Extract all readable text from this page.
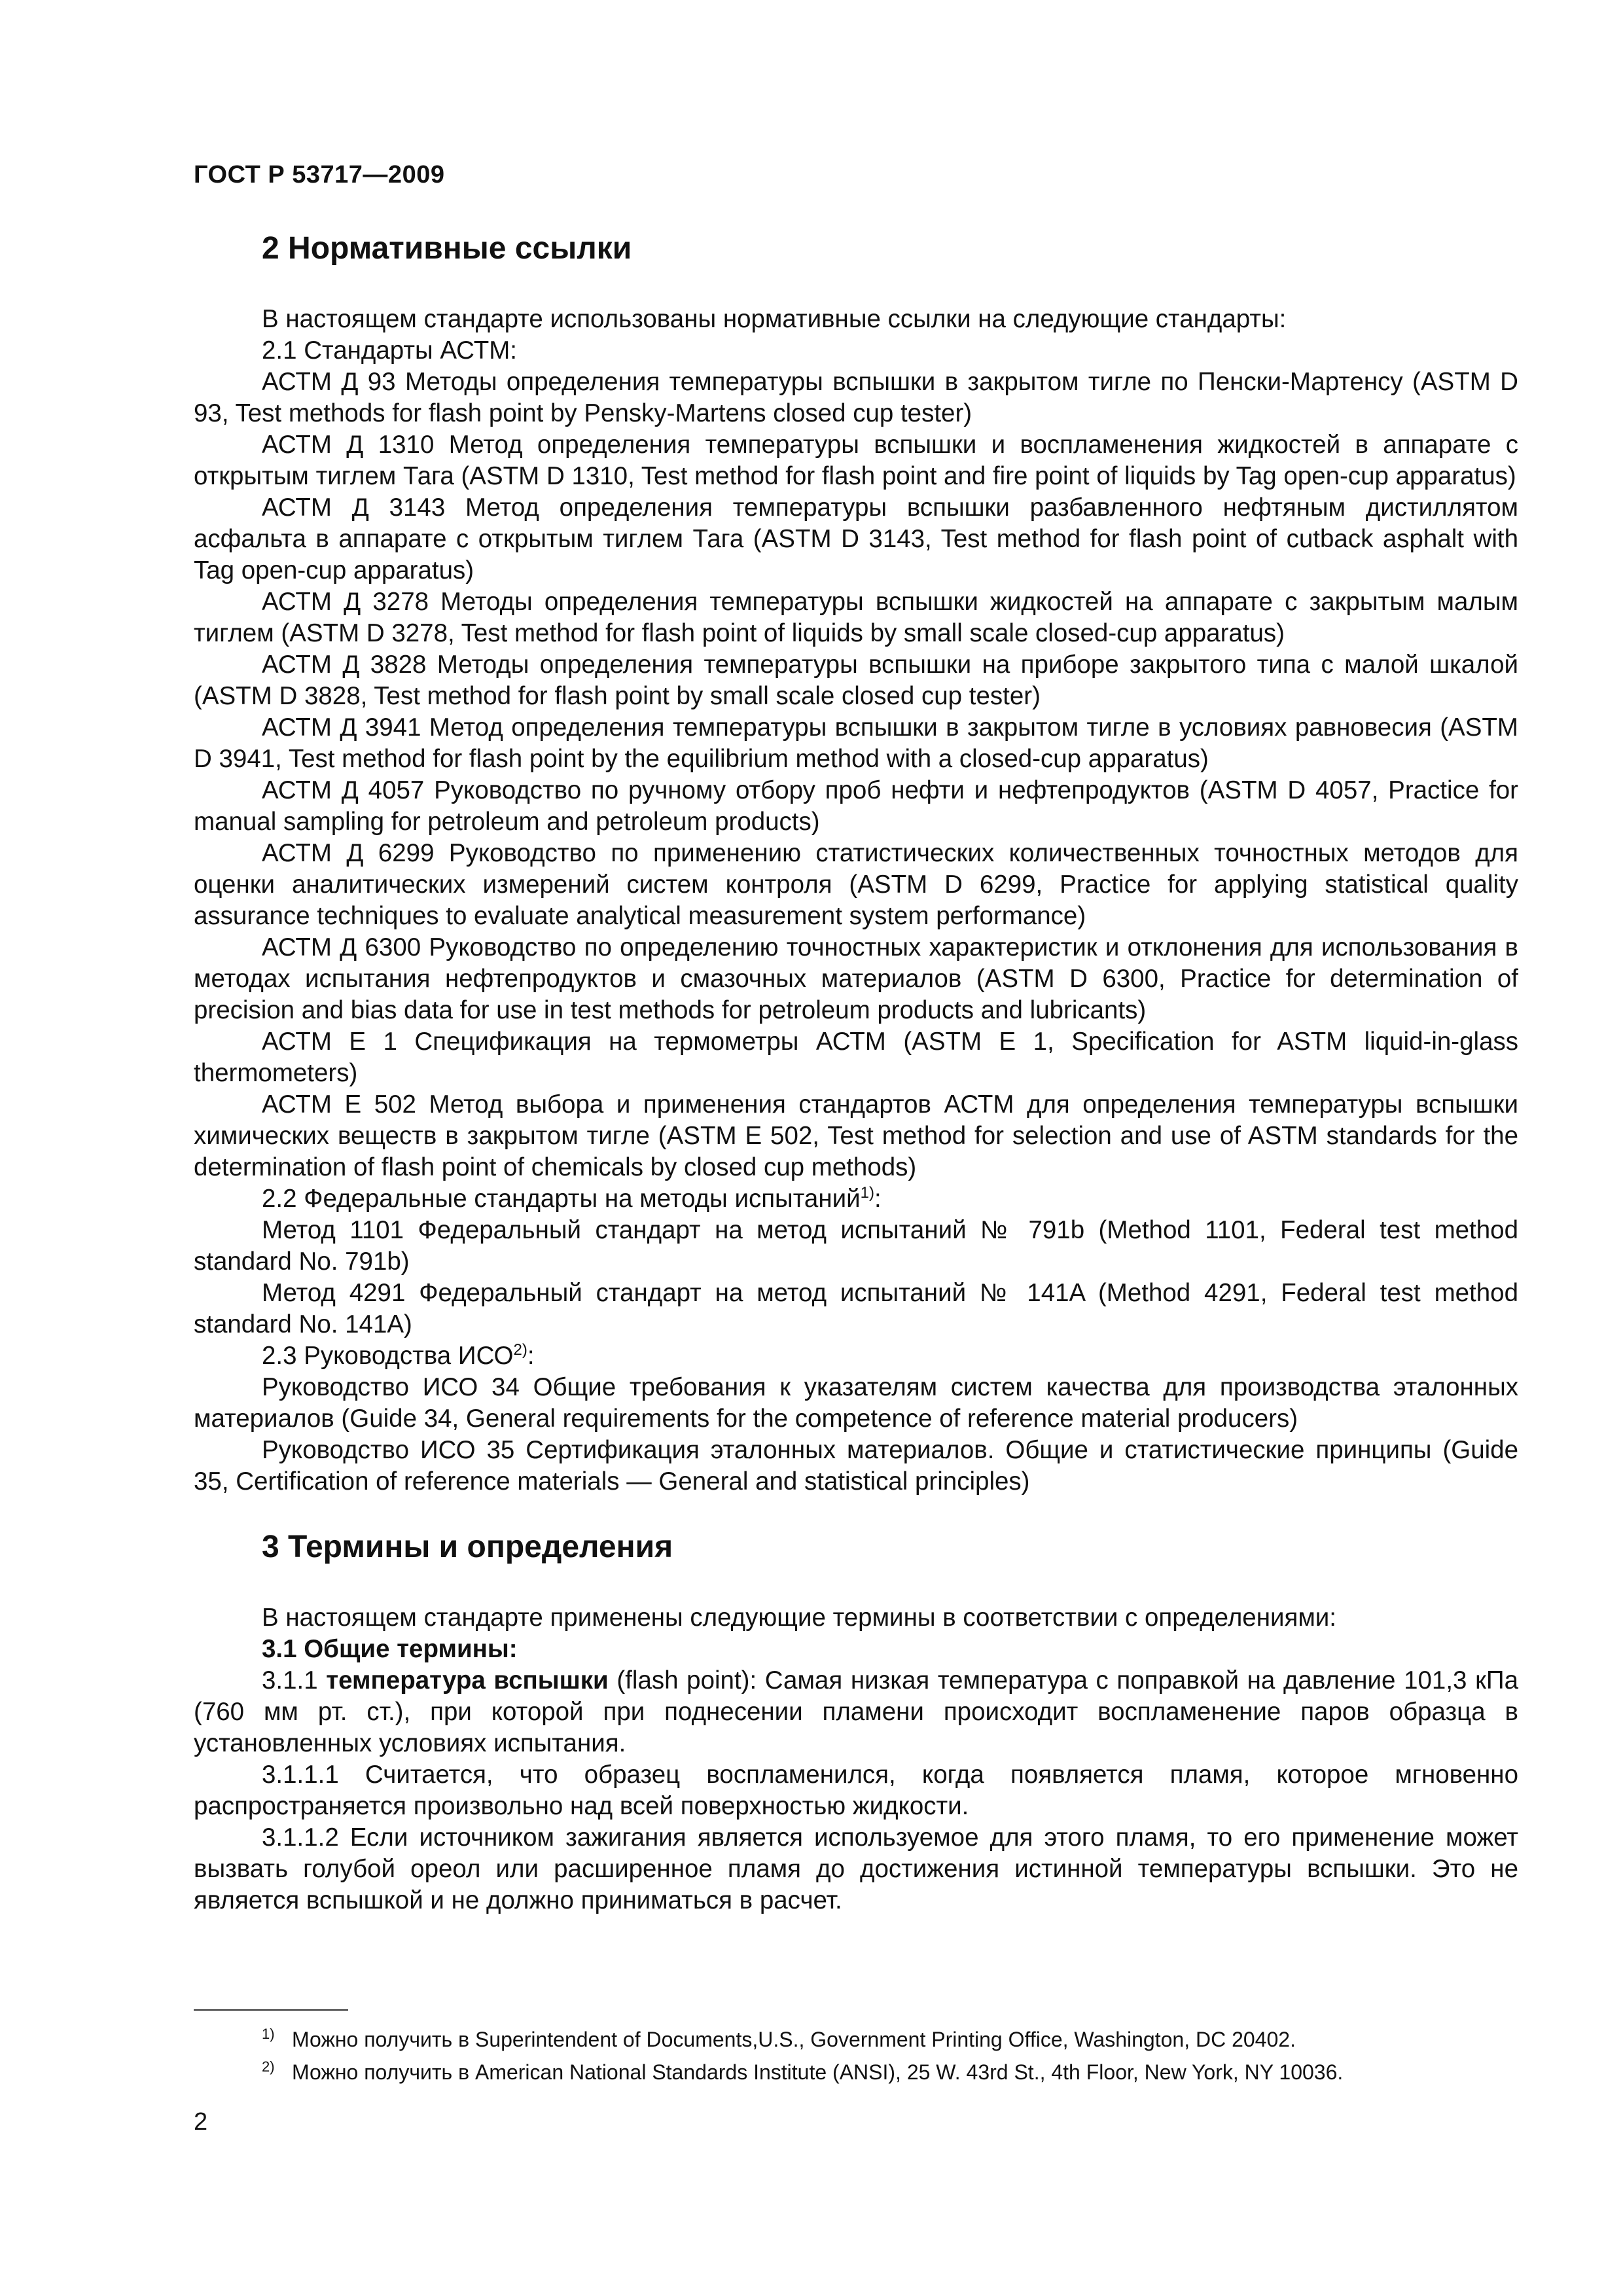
ГОСТ Р 53717—2009
2 Нормативные ссылки

В настоящем стандарте использованы нормативные ссылки на следующие стандарты:

2.1 Стандарты АСТМ:

АСТМ Д 93 Методы определения температуры вспышки в закрытом тигле по Пенски-Мартенсу (ASTM D 93, Test methods for flash point by Pensky-Martens closed cup tester)

АСТМ Д 1310 Метод определения температуры вспышки и воспламенения жидкостей в аппарате с открытым тиглем Тага (ASTM D 1310, Test method for flash point and fire point of liquids by Tag open-cup apparatus)

АСТМ Д 3143 Метод определения температуры вспышки разбавленного нефтяным дистиллятом асфальта в аппарате с открытым тиглем Тага (ASTM D 3143, Test method for flash point of cutback asphalt with Tag open-cup apparatus)

АСТМ Д 3278 Методы определения температуры вспышки жидкостей на аппарате с закрытым малым тиглем (ASTM D 3278, Test method for flash point of liquids by small scale closed-cup apparatus)

АСТМ Д 3828 Методы определения температуры вспышки на приборе закрытого типа с малой шкалой (ASTM D 3828, Test method for flash point by small scale closed cup tester)

АСТМ Д 3941 Метод определения температуры вспышки в закрытом тигле в условиях равновесия (ASTM D 3941, Test method for flash point by the equilibrium method with a closed-cup apparatus)

АСТМ Д 4057 Руководство по ручному отбору проб нефти и нефтепродуктов (ASTM D 4057, Practice for manual sampling for petroleum and petroleum products)

АСТМ Д 6299 Руководство по применению статистических количественных точностных методов для оценки аналитических измерений систем контроля (ASTM D 6299, Practice for applying statistical quality assurance techniques to evaluate analytical measurement system performance)

АСТМ Д 6300 Руководство по определению точностных характеристик и отклонения для использования в методах испытания нефтепродуктов и смазочных материалов (ASTM D 6300, Practice for determination of precision and bias data for use in test methods for petroleum products and lubricants)

АСТМ Е 1 Спецификация на термометры АСТМ (ASTM E 1, Specification for ASTM liquid-in-glass thermometers)

АСТМ Е 502 Метод выбора и применения стандартов АСТМ для определения температуры вспышки химических веществ в закрытом тигле (ASTM E 502, Test method for selection and use of ASTM standards for the determination of flash point of chemicals by closed cup methods)

2.2 Федеральные стандарты на методы испытаний$^{1)}$:

Метод 1101 Федеральный стандарт на метод испытаний № 791b (Method 1101, Federal test method standard No. 791b)

Метод 4291 Федеральный стандарт на метод испытаний № 141A (Method 4291, Federal test method standard No. 141A)

2.3 Руководства ИСО$^{2)}$:

Руководство ИСО 34 Общие требования к указателям систем качества для производства эталонных материалов (Guide 34, General requirements for the competence of reference material producers)

Руководство ИСО 35 Сертификация эталонных материалов. Общие и статистические принципы (Guide 35, Certification of reference materials — General and statistical principles)

3 Термины и определения

В настоящем стандарте применены следующие термины в соответствии с определениями:

3.1 Общие термины:

3.1.1 температура вспышки (flash point): Самая низкая температура с поправкой на давление 101,3 кПа (760 мм рт. ст.), при которой при поднесении пламени происходит воспламенение паров образца в установленных условиях испытания.

3.1.1.1 Считается, что образец воспламенился, когда появляется пламя, которое мгновенно распространяется произвольно над всей поверхностью жидкости.

3.1.1.2 Если источником зажигания является используемое для этого пламя, то его применение может вызвать голубой ореол или расширенное пламя до достижения истинной температуры вспышки. Это не является вспышкой и не должно приниматься в расчет.

1) Можно получить в Superintendent of Documents,U.S., Government Printing Office, Washington, DC 20402.
2) Можно получить в American National Standards Institute (ANSI), 25 W. 43rd St., 4th Floor, New York, NY 10036.
2
